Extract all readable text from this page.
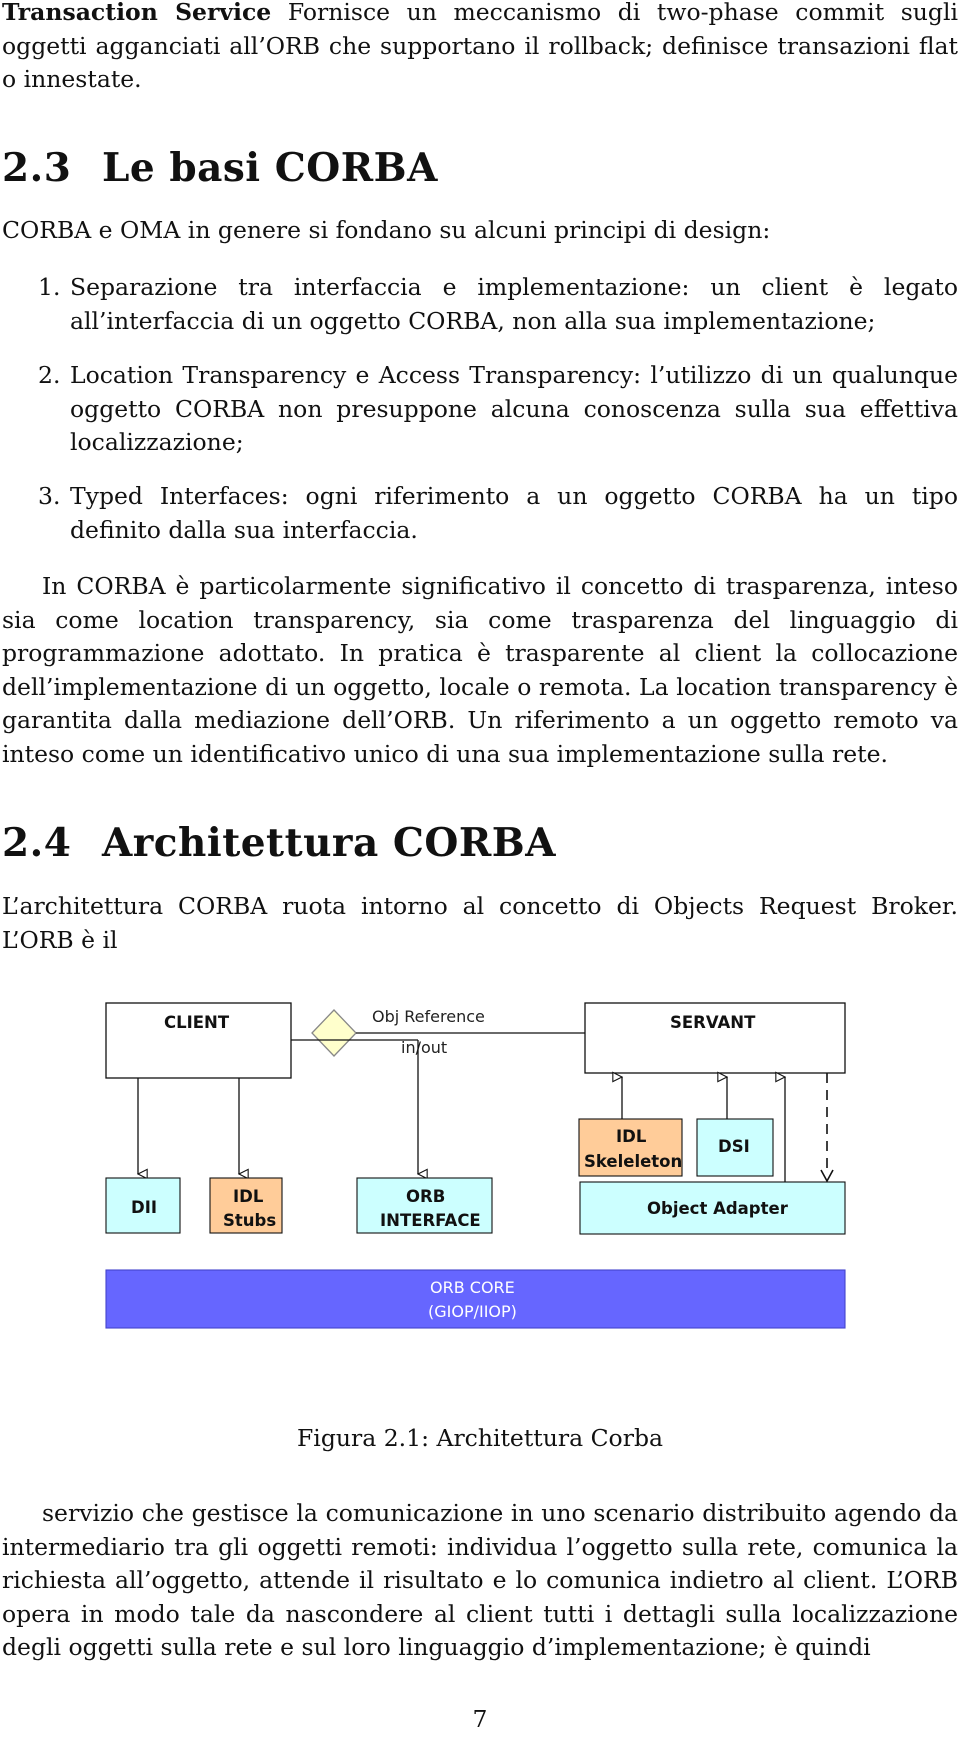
Transaction Service Fornisce un meccanismo di two-phase commit sugli oggetti agganciati all’ORB che supportano il rollback; definisce transazioni flat o innestate.

2.3 Le basi CORBA

CORBA e OMA in genere si fondano su alcuni principi di design:

1. Separazione tra interfaccia e implementazione: un client è legato all’interfaccia di un oggetto CORBA, non alla sua implementazione;
2. Location Transparency e Access Transparency: l’utilizzo di un qualunque oggetto CORBA non presuppone alcuna conoscenza sulla sua effettiva localizzazione;
3. Typed Interfaces: ogni riferimento a un oggetto CORBA ha un tipo definito dalla sua interfaccia.

In CORBA è particolarmente significativo il concetto di trasparenza, inteso sia come location transparency, sia come trasparenza del linguaggio di programmazione adottato. In pratica è trasparente al client la collocazione dell’implementazione di un oggetto, locale o remota. La location transparency è garantita dalla mediazione dell’ORB. Un riferimento a un oggetto remoto va inteso come un identificativo unico di una sua implementazione sulla rete.

2.4 Architettura CORBA

L’architettura CORBA ruota intorno al concetto di Objects Request Broker. L’ORB è il

CLIENT	Obj Reference
in/out
SERVANT
DII
IDL
Stubs
ORB
INTERFACE
IDL
Skeleleton
DSI
Object Adapter
ORB CORE
(GIOP/IIOP)

Figura 2.1: Architettura Corba

servizio che gestisce la comunicazione in uno scenario distribuito agendo da intermediario tra gli oggetti remoti: individua l’oggetto sulla rete, comunica la richiesta all’oggetto, attende il risultato e lo comunica indietro al client. L’ORB opera in modo tale da nascondere al client tutti i dettagli sulla localizzazione degli oggetti sulla rete e sul loro linguaggio d’implementazione; è quindi

7
